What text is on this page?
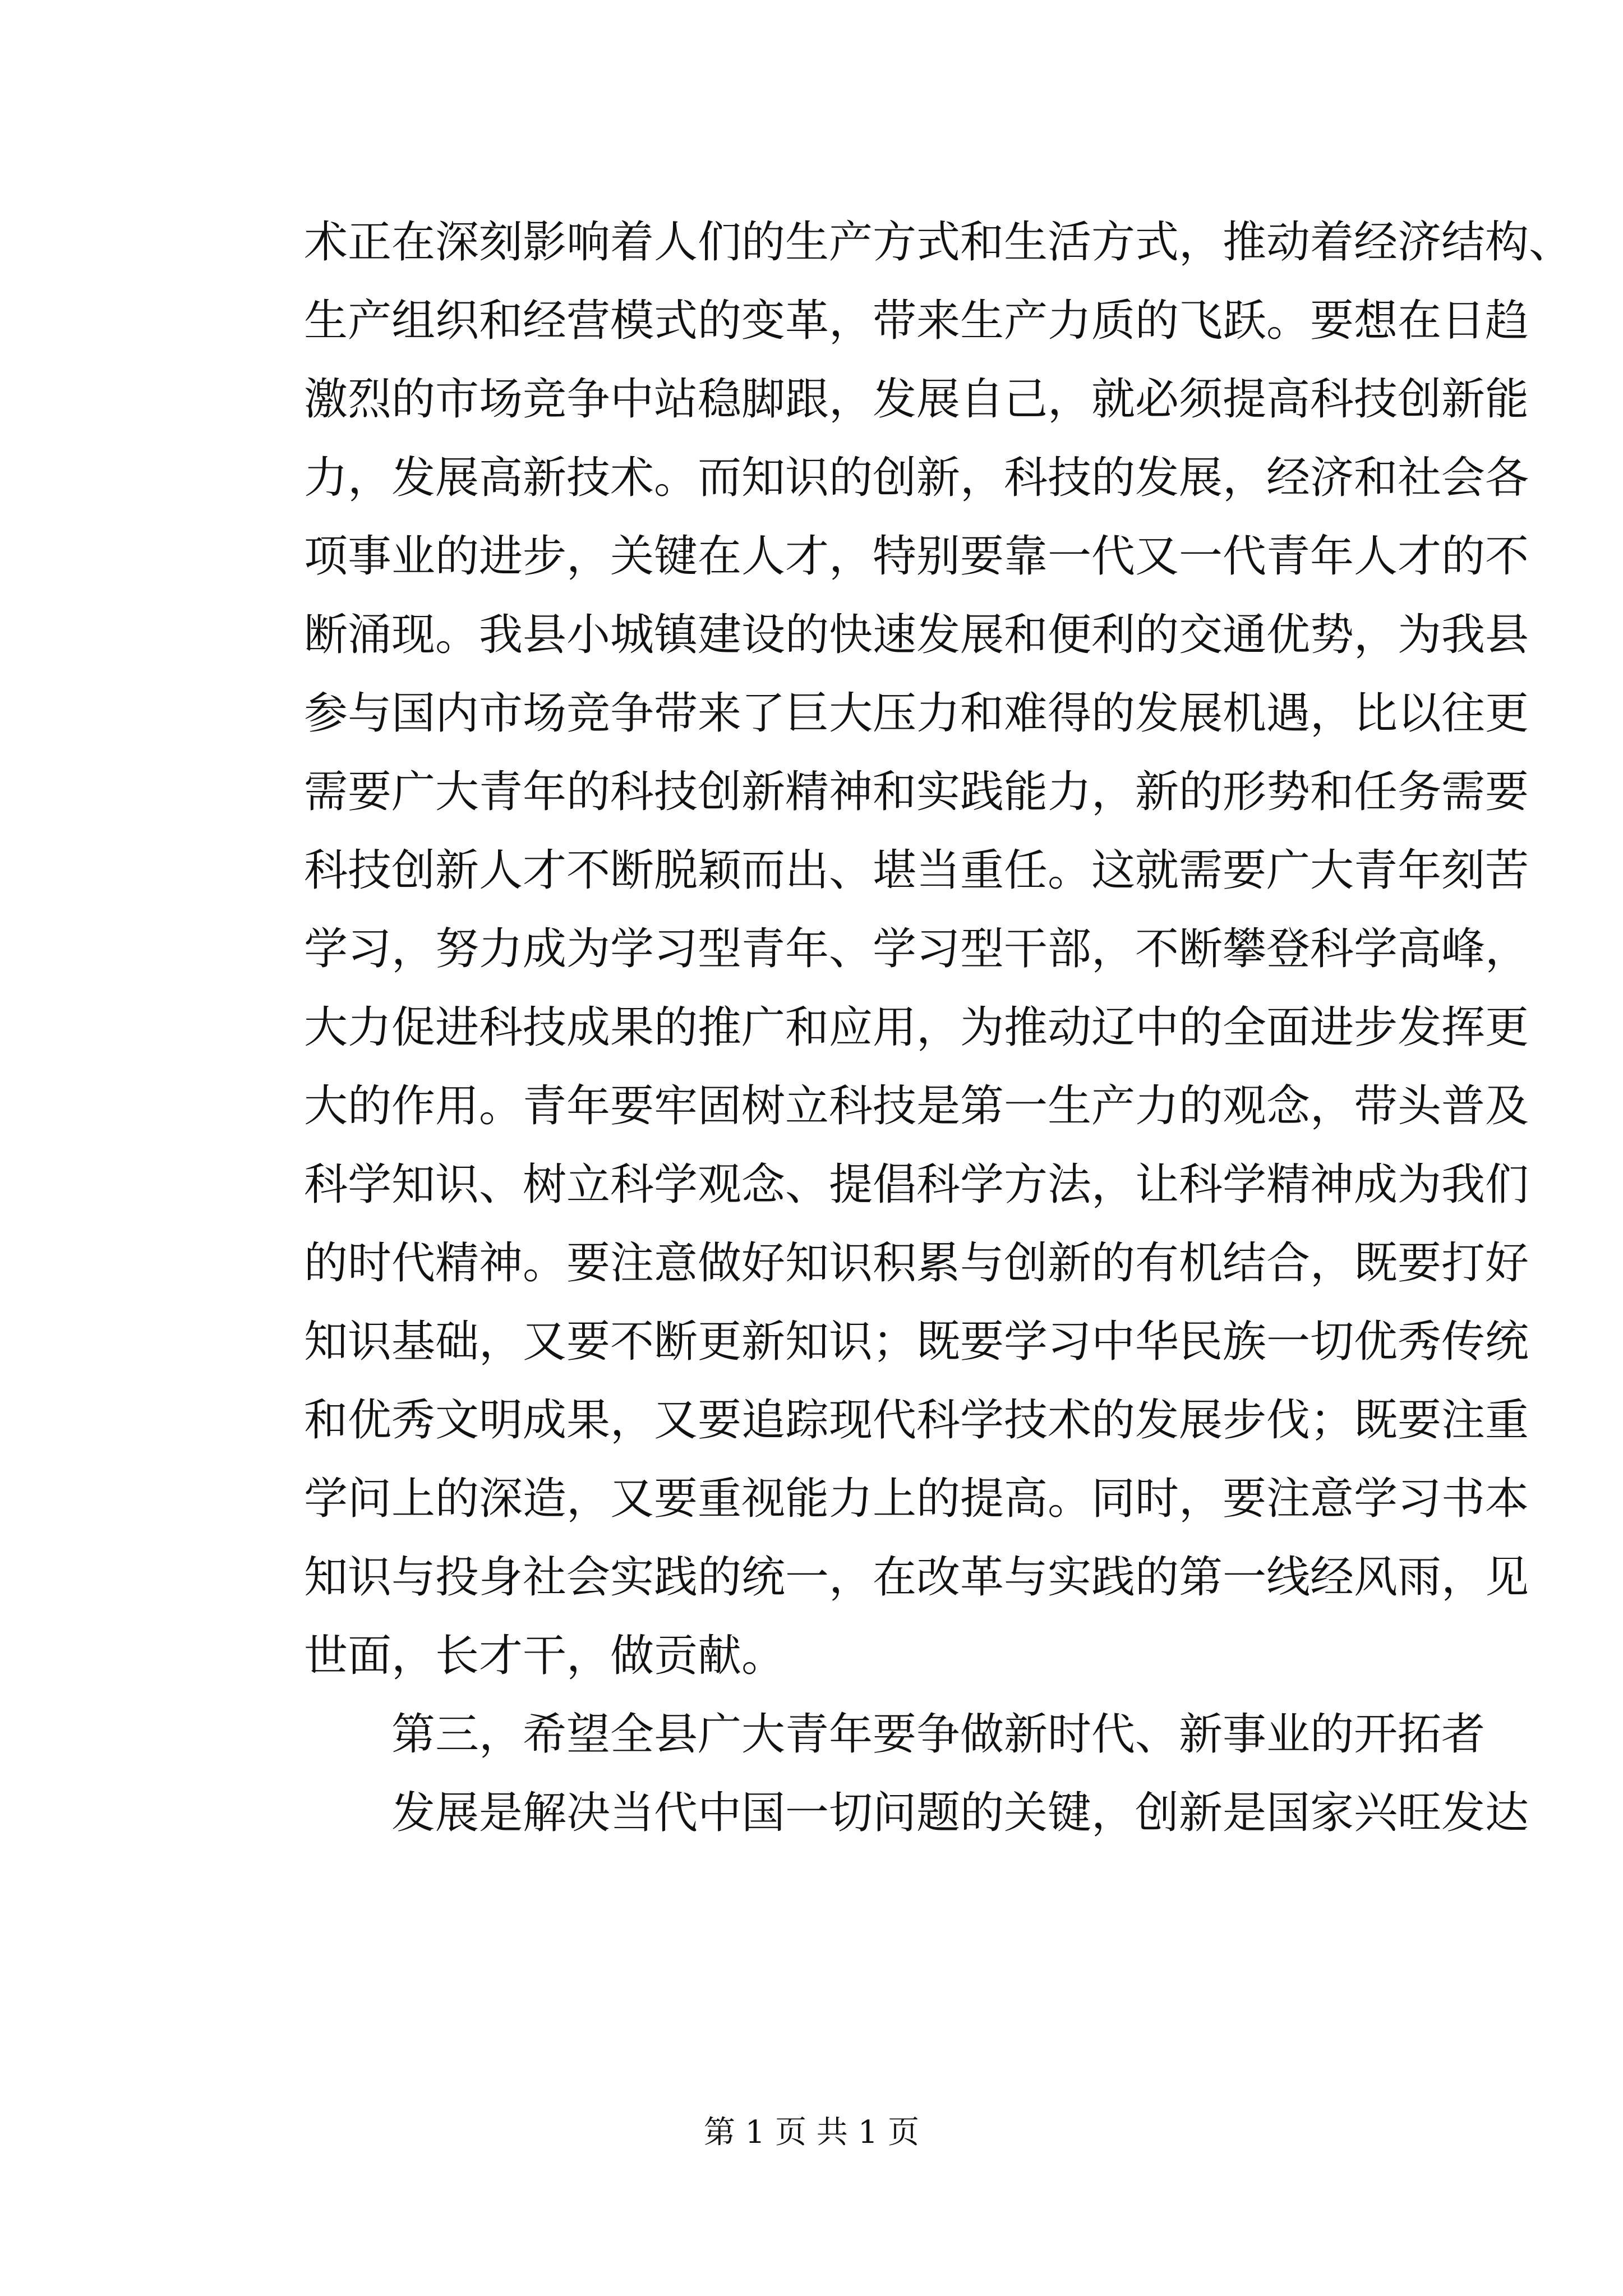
术正在深刻影响着人们的生产方式和生活方式，推动着经济结构、
生产组织和经营模式的变革，带来生产力质的飞跃。要想在日趋
激烈的市场竞争中站稳脚跟，发展自己，就必须提高科技创新能
力，发展高新技术。而知识的创新，科技的发展，经济和社会各
项事业的进步，关键在人才，特别要靠一代又一代青年人才的不
断涌现。我县小城镇建设的快速发展和便利的交通优势，为我县
参与国内市场竞争带来了巨大压力和难得的发展机遇，比以往更
需要广大青年的科技创新精神和实践能力，新的形势和任务需要
科技创新人才不断脱颖而出、堪当重任。这就需要广大青年刻苦
学习，努力成为学习型青年、学习型干部，不断攀登科学高峰，
大力促进科技成果的推广和应用，为推动辽中的全面进步发挥更
大的作用。青年要牢固树立科技是第一生产力的观念，带头普及
科学知识、树立科学观念、提倡科学方法，让科学精神成为我们
的时代精神。要注意做好知识积累与创新的有机结合，既要打好
知识基础，又要不断更新知识；既要学习中华民族一切优秀传统
和优秀文明成果，又要追踪现代科学技术的发展步伐；既要注重
学问上的深造，又要重视能力上的提高。同时，要注意学习书本
知识与投身社会实践的统一，在改革与实践的第一线经风雨，见
世面，长才干，做贡献。
　　第三，希望全县广大青年要争做新时代、新事业的开拓者
　　发展是解决当代中国一切问题的关键，创新是国家兴旺发达
第 1 页 共 1 页
